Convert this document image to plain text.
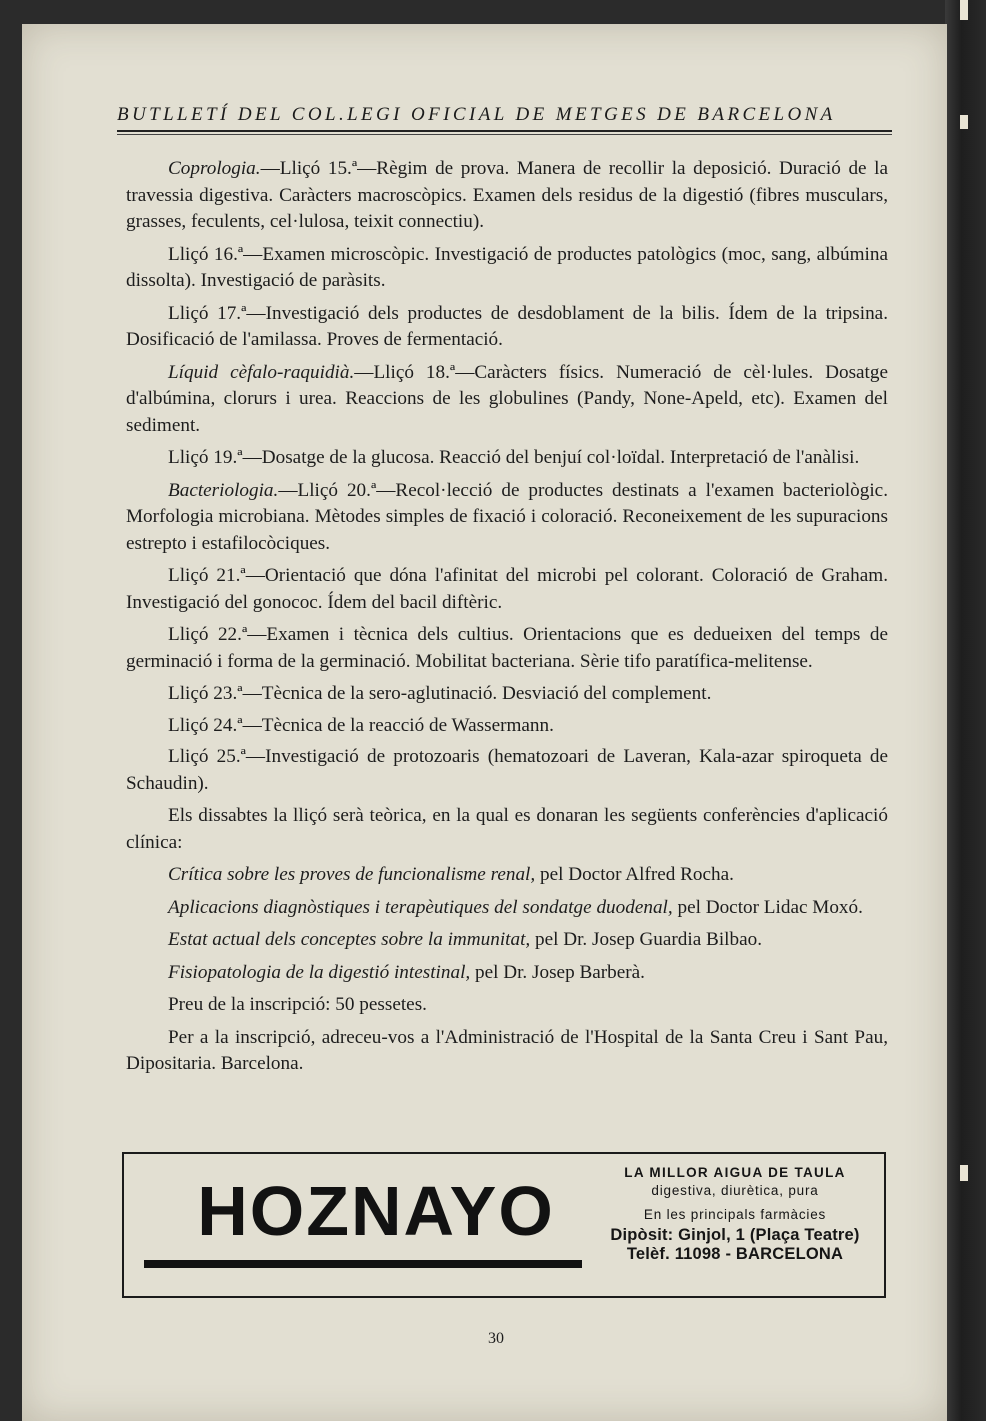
BUTLLETÍ DEL COL.LEGI OFICIAL DE METGES DE BARCELONA

Coprologia.—Lliçó 15.ª—Règim de prova. Manera de recollir la deposició. Duració de la travessia digestiva. Caràcters macroscòpics. Examen dels residus de la digestió (fibres musculars, grasses, feculents, cel·lulosa, teixit connectiu).

Lliçó 16.ª—Examen microscòpic. Investigació de productes patològics (moc, sang, albúmina dissolta). Investigació de paràsits.

Lliçó 17.ª—Investigació dels productes de desdoblament de la bilis. Ídem de la tripsina. Dosificació de l'amilassa. Proves de fermentació.

Líquid cèfalo-raquidià.—Lliçó 18.ª—Caràcters físics. Numeració de cèl·lules. Dosatge d'albúmina, clorurs i urea. Reaccions de les globulines (Pandy, None-Apeld, etc). Examen del sediment.

Lliçó 19.ª—Dosatge de la glucosa. Reacció del benjuí col·loïdal. Interpretació de l'anàlisi.

Bacteriologia.—Lliçó 20.ª—Recol·lecció de productes destinats a l'examen bacteriològic. Morfologia microbiana. Mètodes simples de fixació i coloració. Reconeixement de les supuracions estrepto i estafilocòciques.

Lliçó 21.ª—Orientació que dóna l'afinitat del microbi pel colorant. Coloració de Graham. Investigació del gonococ. Ídem del bacil diftèric.

Lliçó 22.ª—Examen i tècnica dels cultius. Orientacions que es dedueixen del temps de germinació i forma de la germinació. Mobilitat bacteriana. Sèrie tifo paratífica-melitense.

Lliçó 23.ª—Tècnica de la sero-aglutinació. Desviació del complement.

Lliçó 24.ª—Tècnica de la reacció de Wassermann.

Lliçó 25.ª—Investigació de protozoaris (hematozoari de Laveran, Kala-azar spiroqueta de Schaudin).

Els dissabtes la lliçó serà teòrica, en la qual es donaran les següents conferències d'aplicació clínica:

Crítica sobre les proves de funcionalisme renal, pel Doctor Alfred Rocha.

Aplicacions diagnòstiques i terapèutiques del sondatge duodenal, pel Doctor Lidac Moxó.

Estat actual dels conceptes sobre la immunitat, pel Dr. Josep Guardia Bilbao.

Fisiopatologia de la digestió intestinal, pel Dr. Josep Barberà.

Preu de la inscripció: 50 pessetes.

Per a la inscripció, adreceu-vos a l'Administració de l'Hospital de la Santa Creu i Sant Pau, Dipositaria. Barcelona.

HOZNAYO	LA MILLOR AIGUA DE TAULA
digestiva, diurètica, pura
En les principals farmàcies
Dipòsit: Ginjol, 1 (Plaça Teatre)
Telèf. 11098 - BARCELONA
30
